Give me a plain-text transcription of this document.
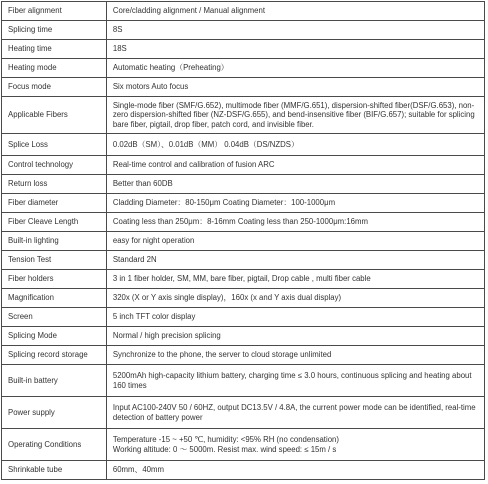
Fiber alignment	Core/cladding alignment / Manual alignment
Splicing time	8S
Heating time	18S
Heating mode	Automatic heating（Preheating）
Focus mode	Six motors Auto focus
Applicable Fibers	Single-mode fiber (SMF/G.652), multimode fiber (MMF/G.651), dispersion-shifted fiber(DSF/G.653), non-zero dispersion-shifted fiber (NZ-DSF/G.655), and bend-insensitive fiber (BIF/G.657); suitable for splicing bare fiber, pigtail, drop fiber, patch cord, and invisible fiber.
Splice Loss	0.02dB（SM）、0.01dB（MM） 0.04dB（DS/NZDS）
Control technology	Real-time control and calibration of fusion ARC
Return loss	Better than 60DB
Fiber diameter	Cladding Diameter：80-150μm Coating Diameter：100-1000μm
Fiber Cleave Length	Coating less than 250μm：8-16mm Coating less than 250-1000μm:16mm
Built-in lighting	easy for night operation
Tension Test	Standard 2N
Fiber holders	3 in 1 fiber holder, SM, MM, bare fiber, pigtail, Drop cable , multi fiber cable
Magnification	320x (X or Y axis single display)，160x (x and Y axis dual display)
Screen	5 inch TFT color display
Splicing Mode	Normal / high precision splicing
Splicing record storage	Synchronize to the phone, the server to cloud storage unlimited
Built-in battery	5200mAh high-capacity lithium battery, charging time ≤ 3.0 hours, continuous splicing and heating about 160 times
Power supply	Input AC100-240V 50 / 60HZ, output DC13.5V / 4.8A, the current power mode can be identified, real-time detection of battery power
Operating Conditions	Temperature -15 ~ +50 ℃, humidity: <95% RH (no condensation)
Working altitude: 0 ～ 5000m. Resist max. wind speed: ≤ 15m / s
Shrinkable tube	60mm、40mm
